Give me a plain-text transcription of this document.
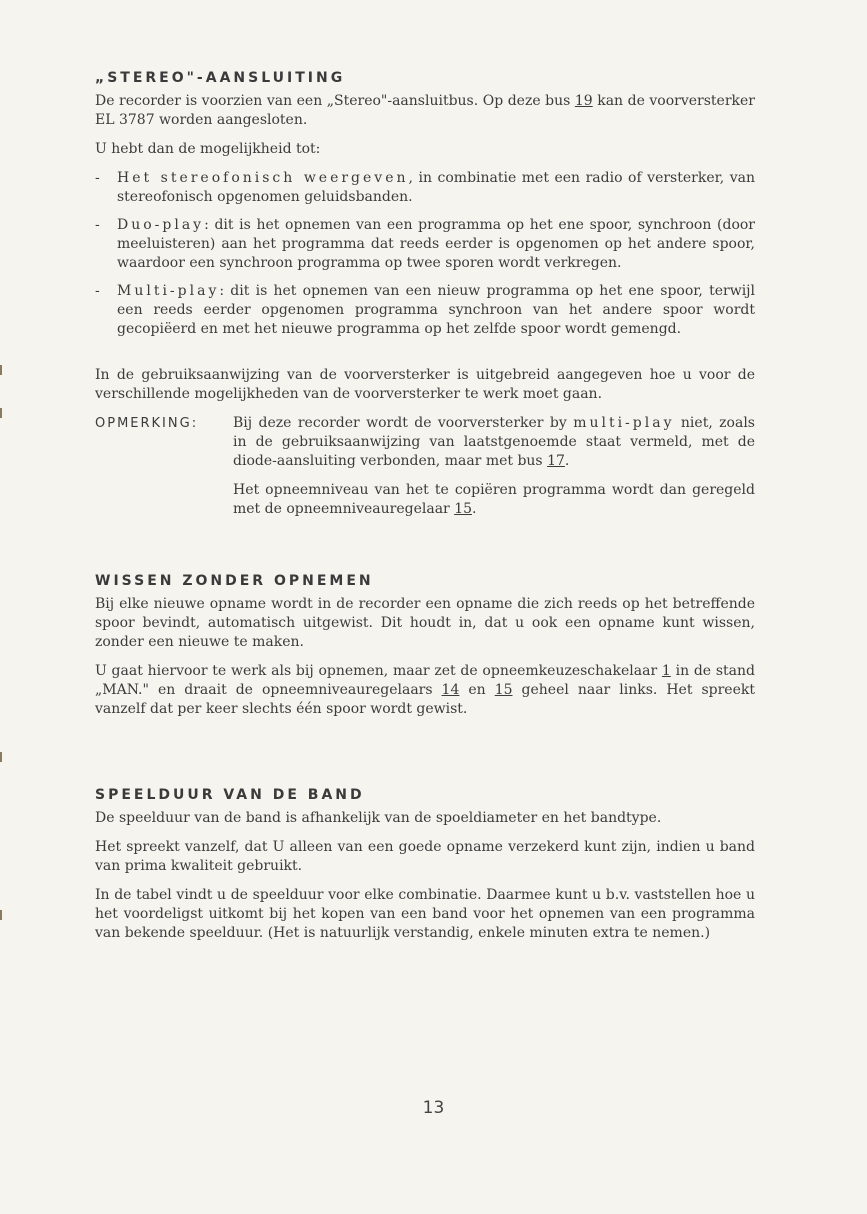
„STEREO"-AANSLUITING

De recorder is voorzien van een „Stereo"-aansluitbus. Op deze bus 19 kan de voorversterker EL 3787 worden aangesloten.

U hebt dan de mogelijkheid tot:

-	Het stereofonisch weergeven, in combinatie met een radio of versterker, van stereofonisch opgenomen geluidsbanden.
-	Duo-play: dit is het opnemen van een programma op het ene spoor, synchroon (door meeluisteren) aan het programma dat reeds eerder is opgenomen op het andere spoor, waardoor een synchroon programma op twee sporen wordt verkregen.
-	Multi-play: dit is het opnemen van een nieuw programma op het ene spoor, terwijl een reeds eerder opgenomen programma synchroon van het andere spoor wordt gecopiëerd en met het nieuwe programma op het zelfde spoor wordt gemengd.

In de gebruiksaanwijzing van de voorversterker is uitgebreid aangegeven hoe u voor de verschillende mogelijkheden van de voorversterker te werk moet gaan.

OPMERKING:	Bij deze recorder wordt de voorversterker by multi-play niet, zoals in de gebruiksaanwijzing van laatstgenoemde staat vermeld, met de diode-aansluiting verbonden, maar met bus 17.

Het opneemniveau van het te copiëren programma wordt dan geregeld met de opneemniveauregelaar 15.

WISSEN ZONDER OPNEMEN

Bij elke nieuwe opname wordt in de recorder een opname die zich reeds op het betreffende spoor bevindt, automatisch uitgewist. Dit houdt in, dat u ook een opname kunt wissen, zonder een nieuwe te maken.

U gaat hiervoor te werk als bij opnemen, maar zet de opneemkeuzeschakelaar 1 in de stand „MAN." en draait de opneemniveauregelaars 14 en 15 geheel naar links. Het spreekt vanzelf dat per keer slechts één spoor wordt gewist.

SPEELDUUR VAN DE BAND

De speelduur van de band is afhankelijk van de spoeldiameter en het bandtype.

Het spreekt vanzelf, dat U alleen van een goede opname verzekerd kunt zijn, indien u band van prima kwaliteit gebruikt.

In de tabel vindt u de speelduur voor elke combinatie. Daarmee kunt u b.v. vaststellen hoe u het voordeligst uitkomt bij het kopen van een band voor het opnemen van een programma van bekende speelduur. (Het is natuurlijk verstandig, enkele minuten extra te nemen.)

13
